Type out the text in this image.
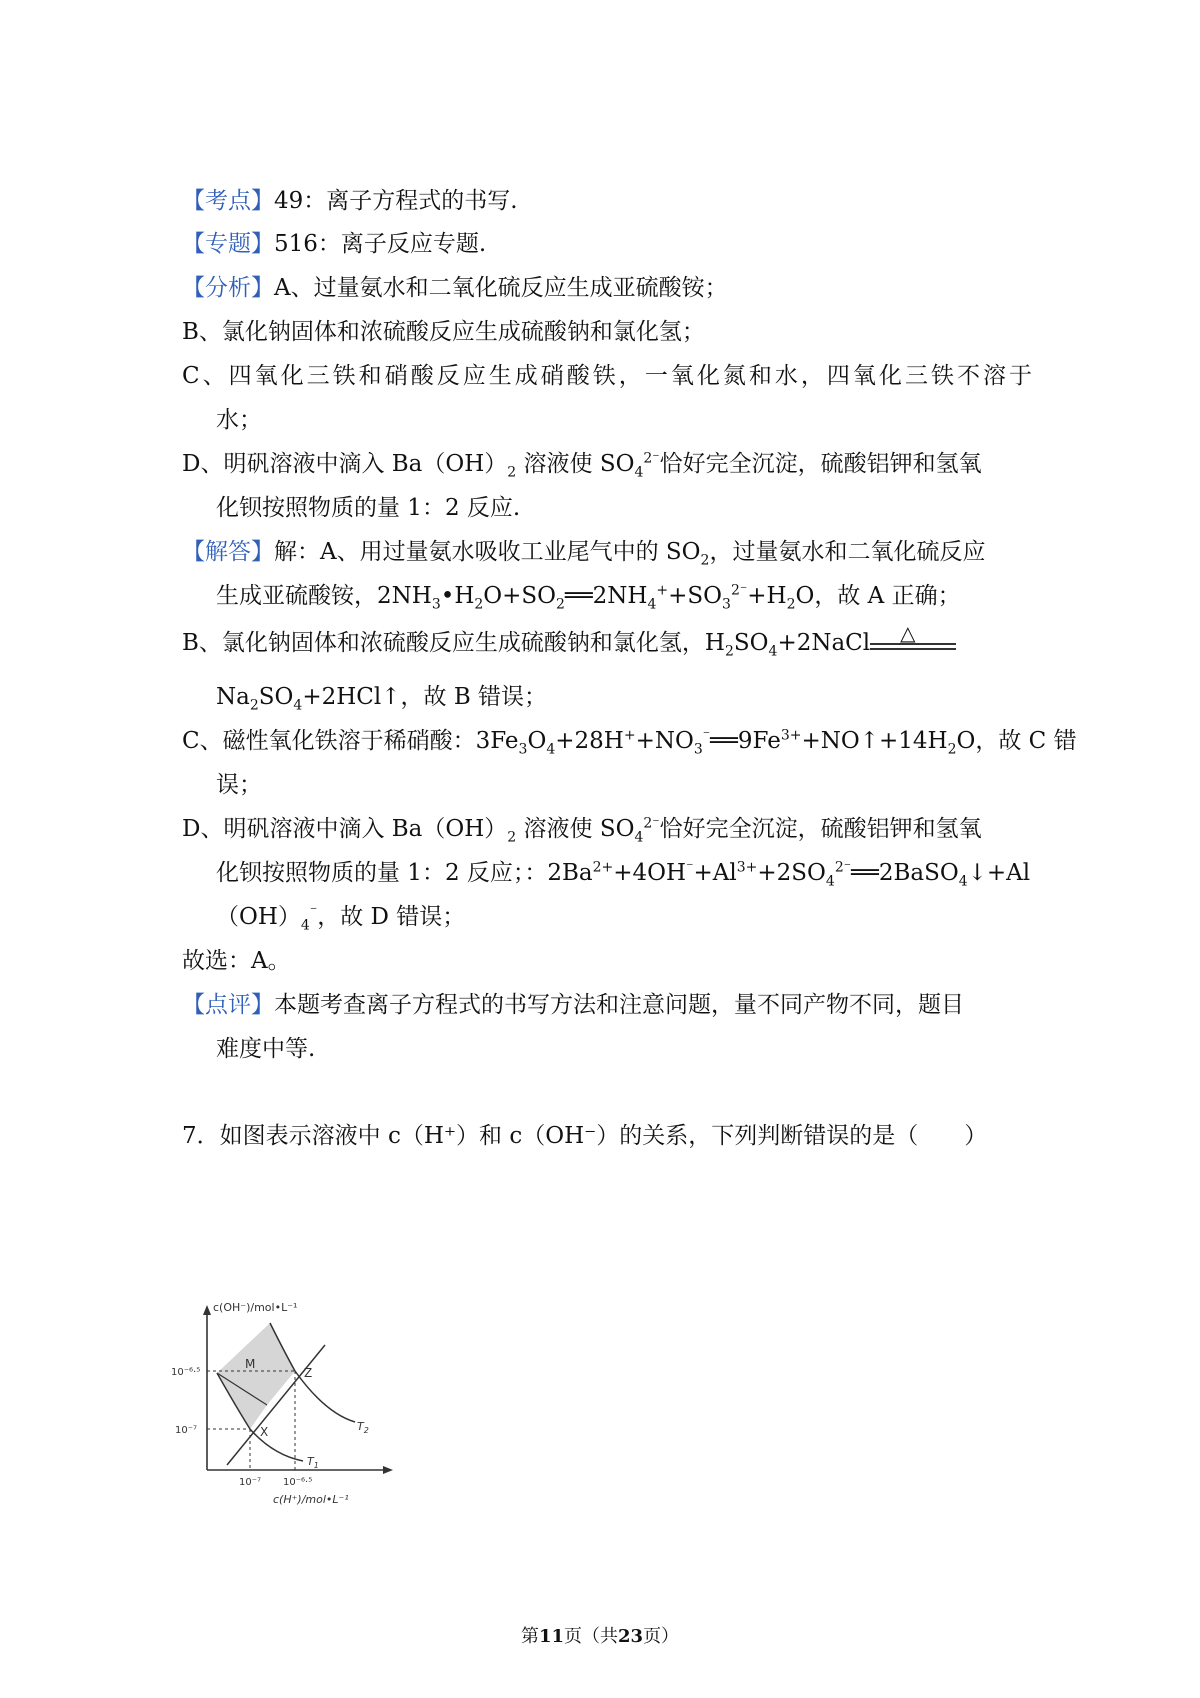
【考点】49：离子方程式的书写.
【专题】516：离子反应专题.
【分析】A、过量氨水和二氧化硫反应生成亚硫酸铵；
B、氯化钠固体和浓硫酸反应生成硫酸钠和氯化氢；
C、四氧化三铁和硝酸反应生成硝酸铁，一氧化氮和水，四氧化三铁不溶于
水；
D、明矾溶液中滴入 $Ba(OH)_2$ 溶液使 $SO_4^{2^-}$恰好完全沉淀，硫酸铝钾和氢氧
化钡按照物质的量 1：2 反应.
【解答】解：A、用过量氨水吸收工业尾气中的 $SO_2$，过量氨水和二氧化硫反应
生成亚硫酸铵，$2NH_3•H_2O+SO_2══2NH_4^++SO_3^{2^-}+H_2O$，故 A 正确；
B、氯化钠固体和浓硫酸反应生成硫酸钠和氯化氢，$H_2SO_4+2NaCl$ △
$Na_2SO_4+2HCl↑$，故 B 错误；
C、磁性氧化铁溶于稀硝酸：$3Fe_3O_4+28H^++NO_3^{^-}══9Fe^{3+}+NO↑+14H_2O$，故 C 错
误；
D、明矾溶液中滴入 $Ba(OH)_2$ 溶液使 $SO_4^{2^-}$恰好完全沉淀，硫酸铝钾和氢氧
化钡按照物质的量 1：2 反应；：$2Ba^{2+}+4OH^{^-}+Al^{3+}+2SO_4^{2^-}══2BaSO_4↓+Al$
$(OH)_4^{^-}$，故 D 错误；
故选：A。
【点评】本题考查离子方程式的书写方法和注意问题，量不同产物不同，题目
难度中等.
7．如图表示溶液中 c（H⁺）和 c（OH⁻）的关系，下列判断错误的是（　　）
c(OH⁻)/mol•L⁻¹
c(H⁺)/mol•L⁻¹
10⁻⁶·⁵
10⁻⁷
10⁻⁷ 10⁻⁶·⁵
M
Z
X
$T_1$
$T_2$
第11页（共23页）
